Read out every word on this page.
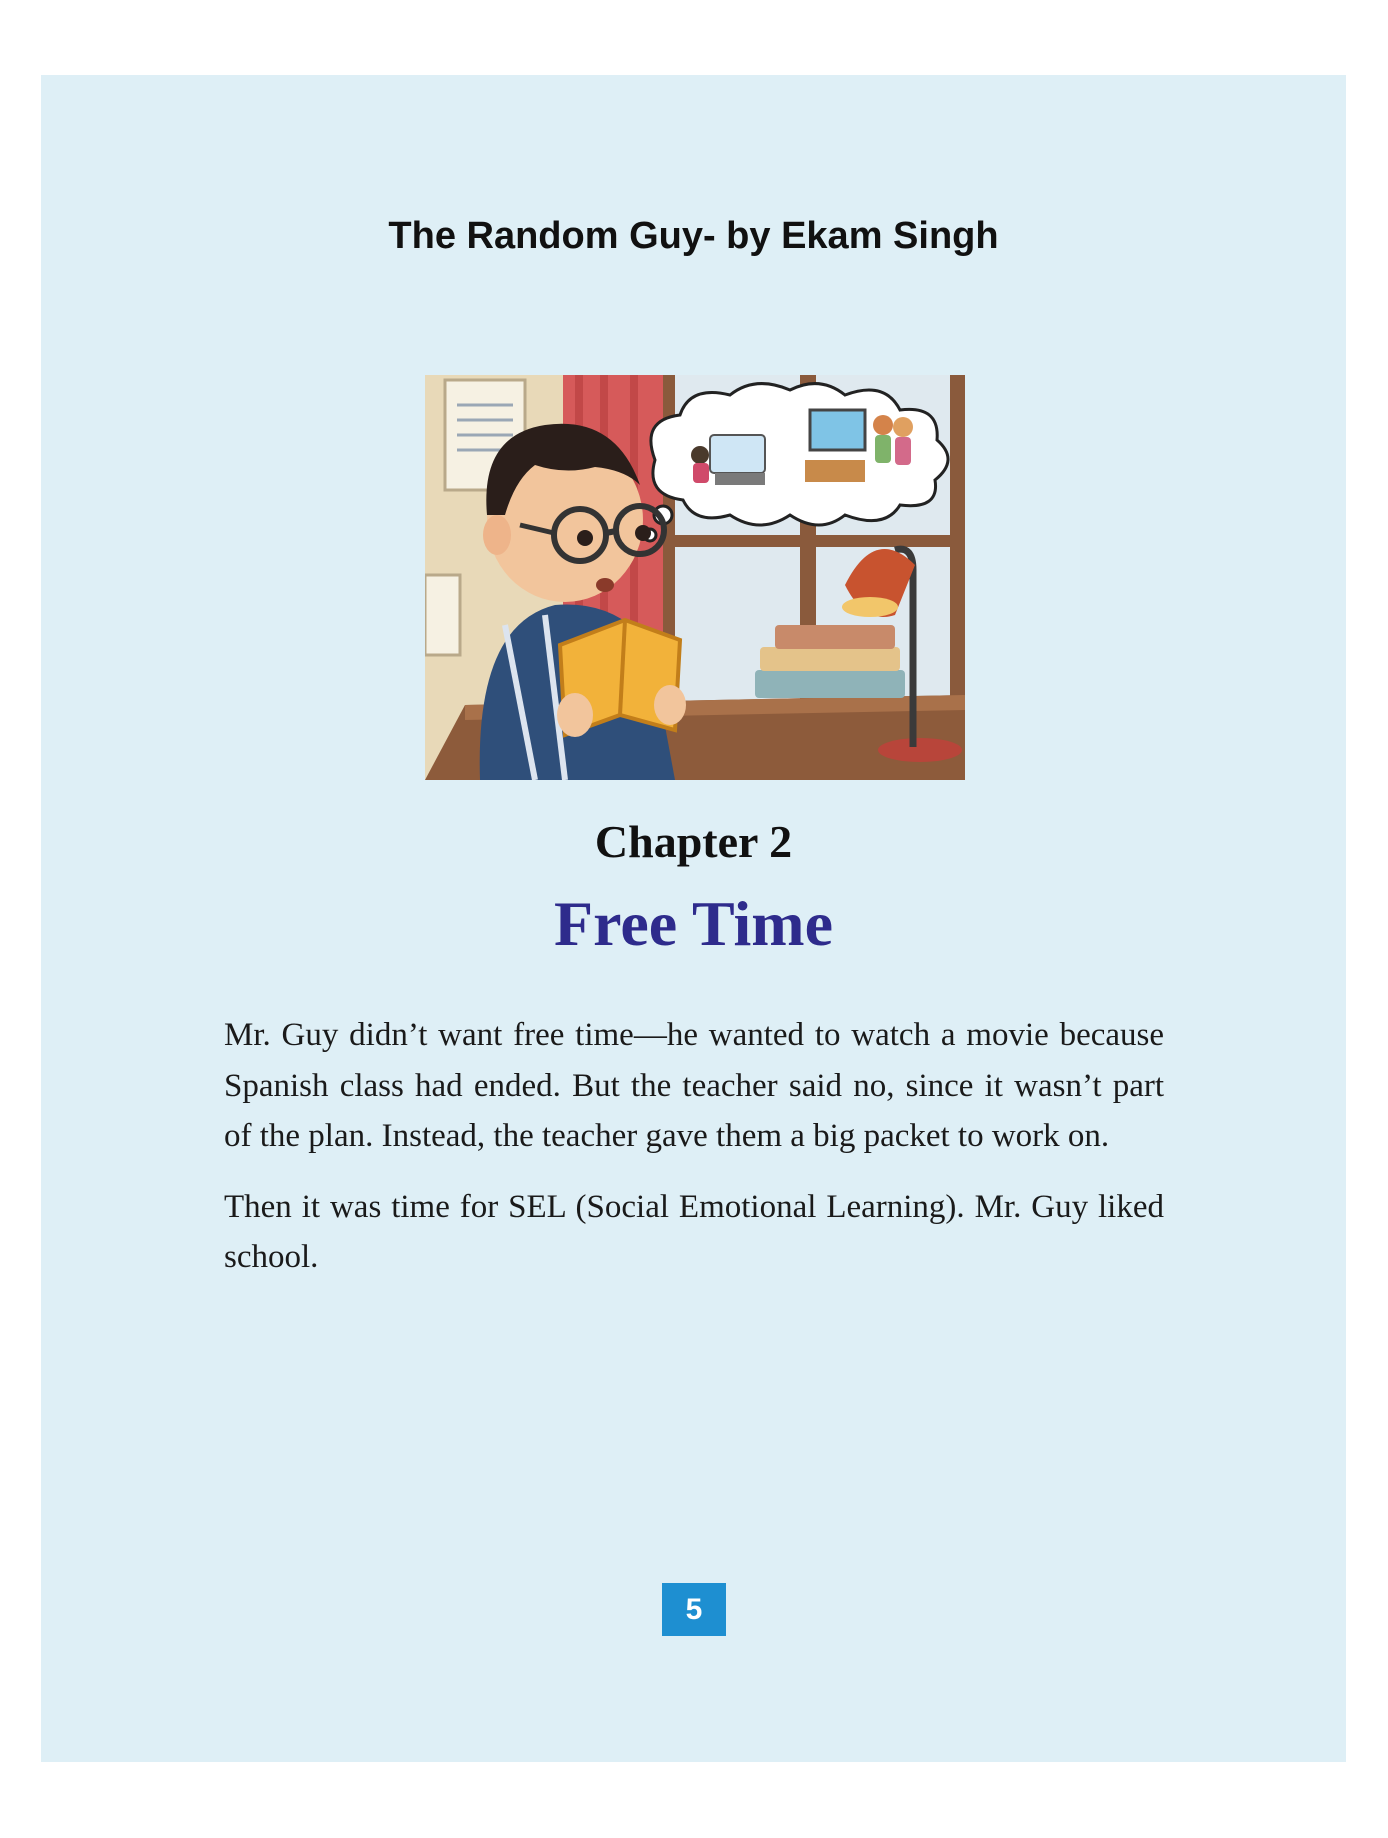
The Random Guy- by Ekam Singh
Chapter 2
Free Time

Mr. Guy didn’t want free time—he wanted to watch a movie because Spanish class had ended. But the teacher said no, since it wasn’t part of the plan. Instead, the teacher gave them a big packet to work on.

Then it was time for SEL (Social Emotional Learning). Mr. Guy liked school.

5
